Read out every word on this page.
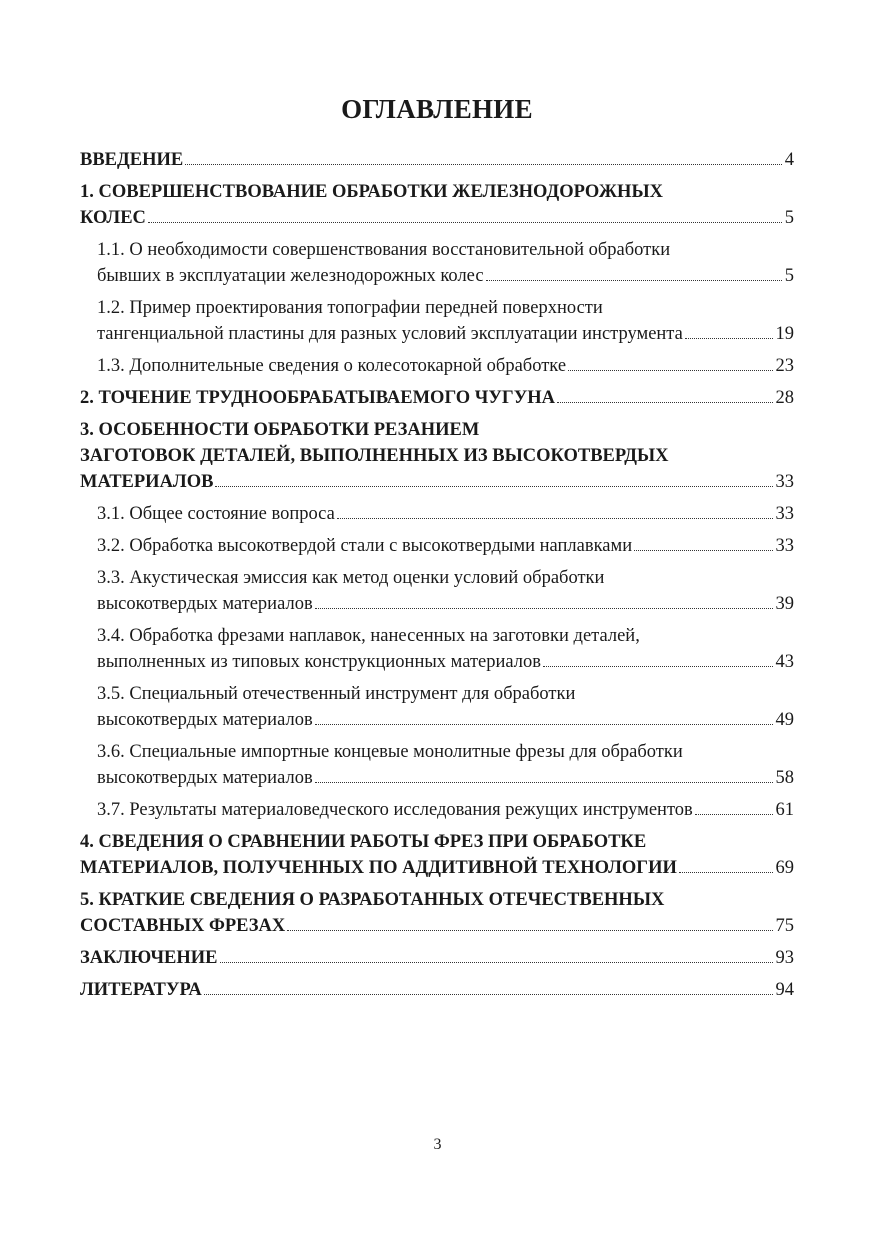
ОГЛАВЛЕНИЕ
ВВЕДЕНИЕ	4
1. СОВЕРШЕНСТВОВАНИЕ ОБРАБОТКИ ЖЕЛЕЗНОДОРОЖНЫХ
КОЛЕС	5
1.1. О необходимости совершенствования восстановительной обработки
бывших в эксплуатации железнодорожных колес	5
1.2. Пример проектирования топографии передней поверхности
тангенциальной пластины для разных условий эксплуатации инструмента	19
1.3. Дополнительные сведения о колесотокарной обработке	23
2. ТОЧЕНИЕ ТРУДНООБРАБАТЫВАЕМОГО ЧУГУНА	28
3. ОСОБЕННОСТИ ОБРАБОТКИ РЕЗАНИЕМ
ЗАГОТОВОК ДЕТАЛЕЙ, ВЫПОЛНЕННЫХ ИЗ ВЫСОКОТВЕРДЫХ
МАТЕРИАЛОВ	33
3.1. Общее состояние вопроса	33
3.2. Обработка высокотвердой стали с высокотвердыми наплавками	33
3.3. Акустическая эмиссия как метод оценки условий обработки
высокотвердых материалов	39
3.4. Обработка фрезами наплавок, нанесенных на заготовки деталей,
выполненных из типовых конструкционных материалов	43
3.5. Специальный отечественный инструмент для обработки
высокотвердых материалов	49
3.6. Специальные импортные концевые монолитные фрезы для обработки
высокотвердых материалов	58
3.7. Результаты материаловедческого исследования режущих инструментов	61
4. СВЕДЕНИЯ О СРАВНЕНИИ РАБОТЫ ФРЕЗ ПРИ ОБРАБОТКЕ
МАТЕРИАЛОВ, ПОЛУЧЕННЫХ ПО АДДИТИВНОЙ ТЕХНОЛОГИИ	69
5. КРАТКИЕ СВЕДЕНИЯ О РАЗРАБОТАННЫХ ОТЕЧЕСТВЕННЫХ
СОСТАВНЫХ ФРЕЗАХ	75
ЗАКЛЮЧЕНИЕ	93
ЛИТЕРАТУРА	94
3
